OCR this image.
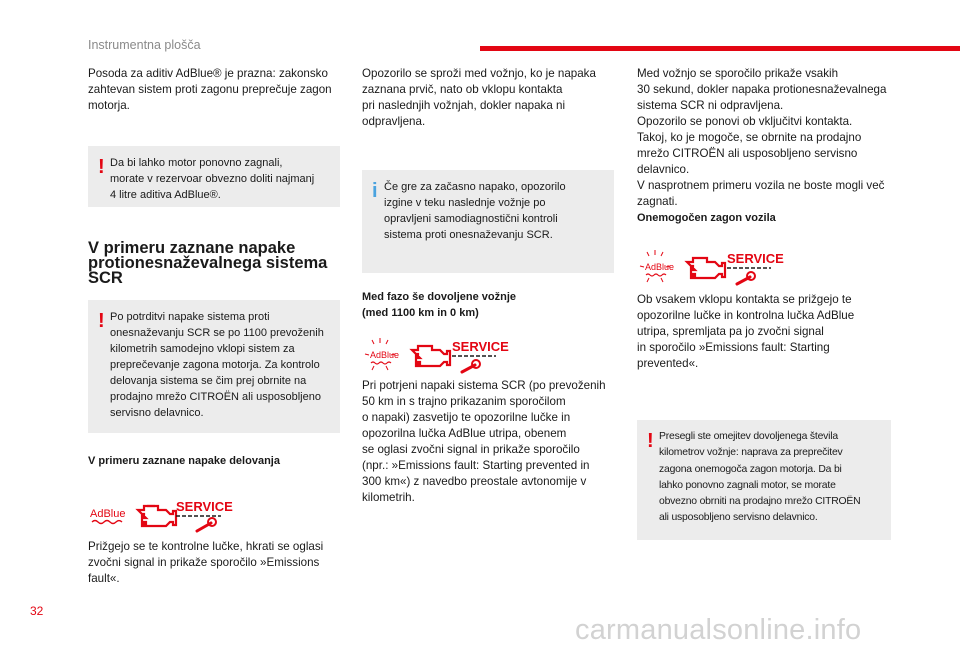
Instrumentna plošča

Posoda za aditiv AdBlue® je prazna: zakonsko
zahtevan sistem proti zagonu preprečuje zagon
motorja.

! Da bi lahko motor ponovno zagnali,
morate v rezervoar obvezno doliti najmanj
4 litre aditiva AdBlue®.

V primeru zaznane napake
protionesnaževalnega sistema
SCR

! Po potrditvi napake sistema proti
onesnaževanju SCR se po 1100 prevoženih
kilometrih samodejno vklopi sistem za
preprečevanje zagona motorja. Za kontrolo
delovanja sistema se čim prej obrnite na
prodajno mrežo CITROËN ali usposobljeno
servisno delavnico.

V primeru zaznane napake delovanja

AdBlue	SERVICE

Prižgejo se te kontrolne lučke, hkrati se oglasi
zvočni signal in prikaže sporočilo »Emissions
fault«.

Opozorilo se sproži med vožnjo, ko je napaka
zaznana prvič, nato ob vklopu kontakta
pri naslednjih vožnjah, dokler napaka ni
odpravljena.

i Če gre za začasno napako, opozorilo
izgine v teku naslednje vožnje po
opravljeni samodiagnostični kontroli
sistema proti onesnaževanju SCR.

Med fazo še dovoljene vožnje
(med 1100 km in 0 km)

AdBlue
SERVICE

Pri potrjeni napaki sistema SCR (po prevoženih
50 km in s trajno prikazanim sporočilom
o napaki) zasvetijo te opozorilne lučke in
opozorilna lučka AdBlue utripa, obenem
se oglasi zvočni signal in prikaže sporočilo
(npr.: »Emissions fault: Starting prevented in
300 km«) z navedbo preostale avtonomije v
kilometrih.

Med vožnjo se sporočilo prikaže vsakih
30 sekund, dokler napaka protionesnaževalnega
sistema SCR ni odpravljena.
Opozorilo se ponovi ob vključitvi kontakta.
Takoj, ko je mogoče, se obrnite na prodajno
mrežo CITROËN ali usposobljeno servisno
delavnico.
V nasprotnem primeru vozila ne boste mogli več
zagnati.

Onemogočen zagon vozila

AdBlue
SERVICE

Ob vsakem vklopu kontakta se prižgejo te
opozorilne lučke in kontrolna lučka AdBlue
utripa, spremljata pa jo zvočni signal
in sporočilo »Emissions fault: Starting
prevented«.

! Presegli ste omejitev dovoljenega števila
kilometrov vožnje: naprava za preprečitev
zagona onemogoča zagon motorja. Da bi
lahko ponovno zagnali motor, se morate
obvezno obrniti na prodajno mrežo CITROËN
ali usposobljeno servisno delavnico.

32
carmanualsonline.info
